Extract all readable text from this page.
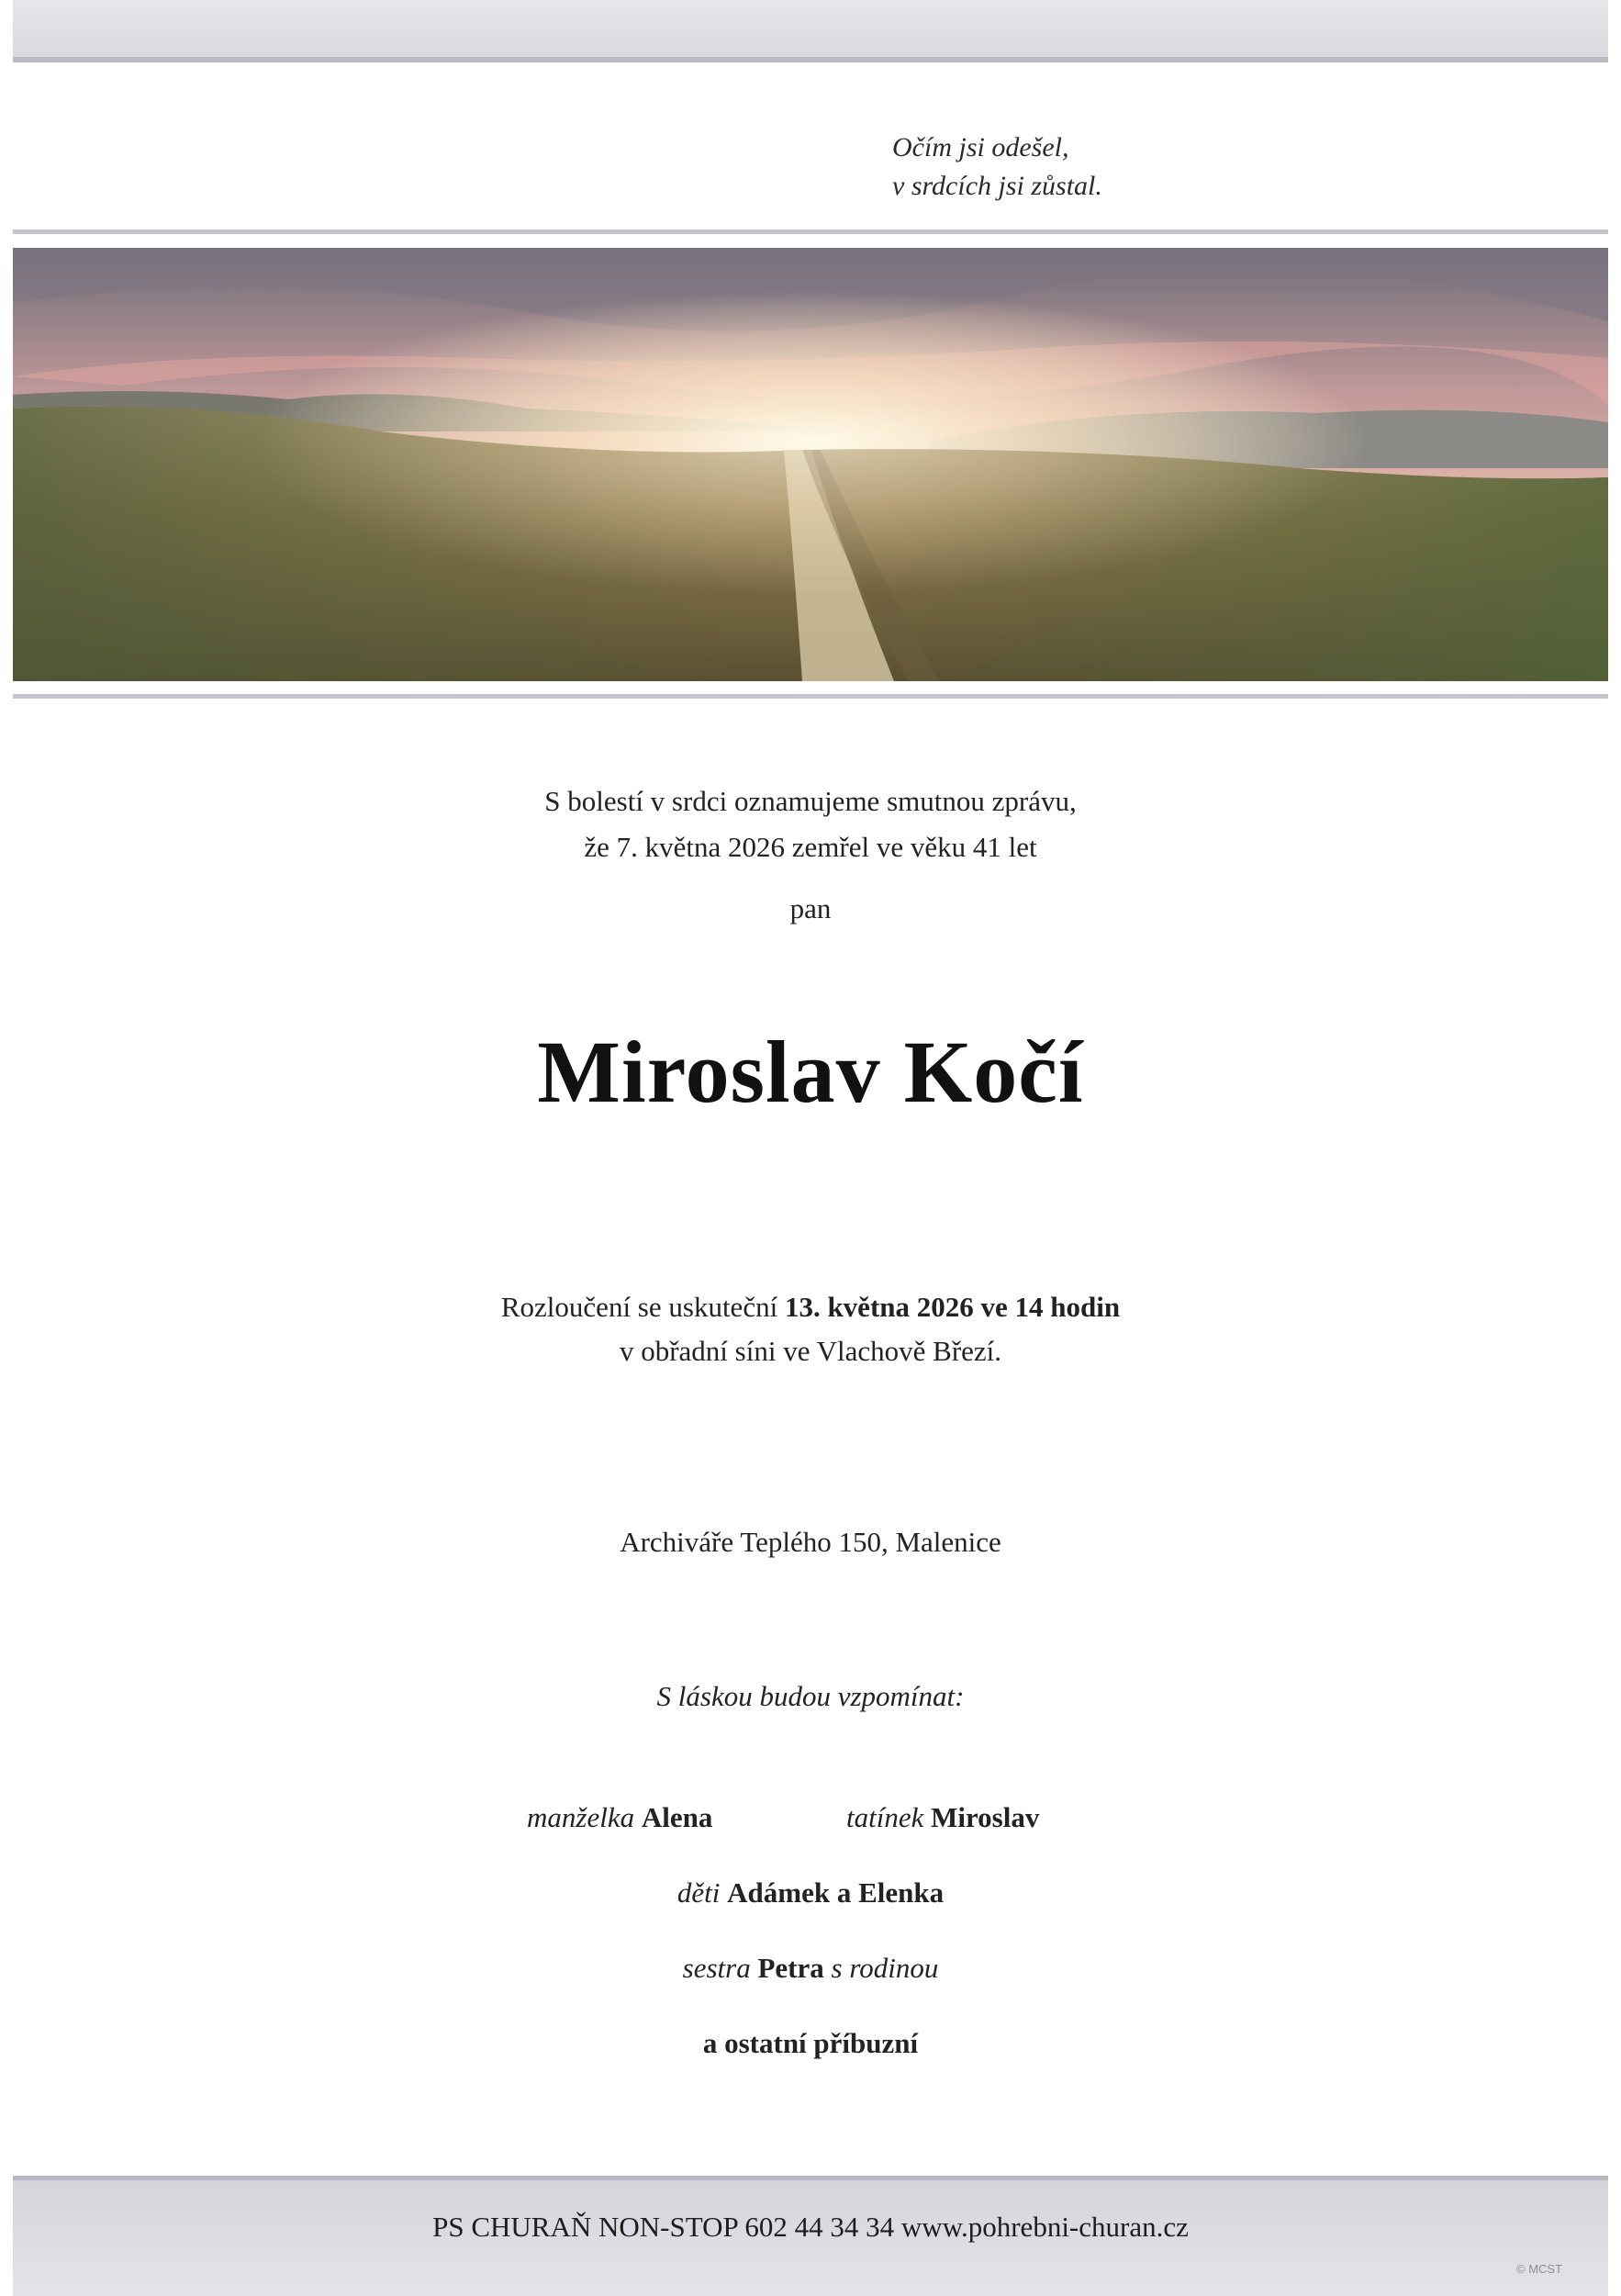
Očím jsi odešel,
v srdcích jsi zůstal.
S bolestí v srdci oznamujeme smutnou zprávu,
že 7. května 2026 zemřel ve věku 41 let
pan
Miroslav Kočí
Rozloučení se uskuteční 13. května 2026 ve 14 hodin
v obřadní síni ve Vlachově Březí.
Archiváře Teplého 150, Malenice
S láskou budou vzpomínat:
manželka Alena	tatínek Miroslav
děti Adámek a Elenka
sestra Petra s rodinou
a ostatní příbuzní
PS CHURAŇ NON-STOP 602 44 34 34 www.pohrebni-churan.cz
© MCST
